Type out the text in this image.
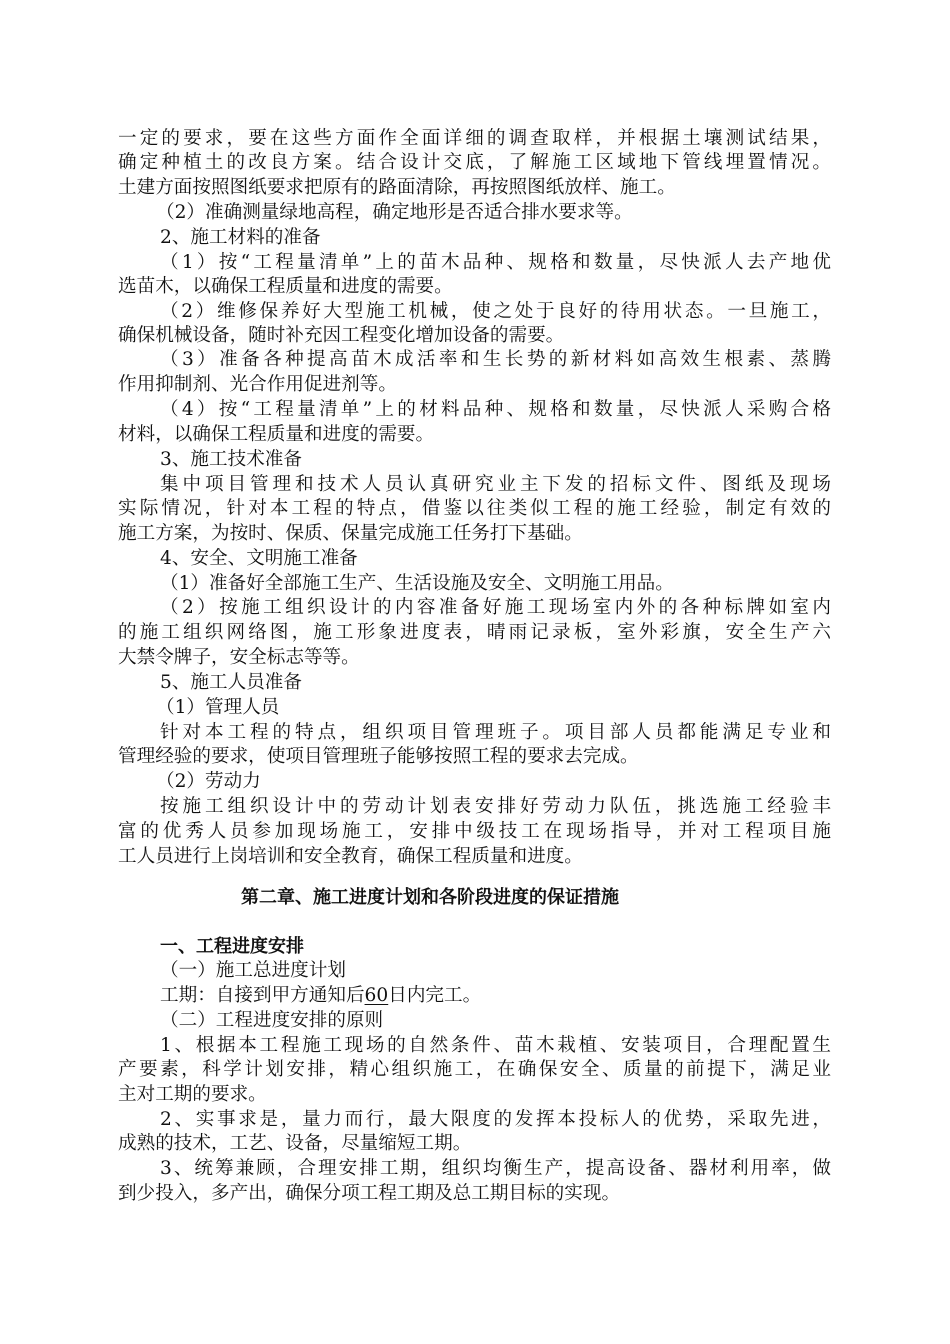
一定的要求，要在这些方面作全面详细的调查取样，并根据土壤测试结果，

确定种植土的改良方案。结合设计交底，了解施工区域地下管线埋置情况。

土建方面按照图纸要求把原有的路面清除，再按照图纸放样、施工。

（2）准确测量绿地高程，确定地形是否适合排水要求等。

2、施工材料的准备

（1）按“工程量清单”上的苗木品种、规格和数量，尽快派人去产地优

选苗木，以确保工程质量和进度的需要。

（2）维修保养好大型施工机械，使之处于良好的待用状态。一旦施工，

确保机械设备，随时补充因工程变化增加设备的需要。

（3）准备各种提高苗木成活率和生长势的新材料如高效生根素、蒸腾

作用抑制剂、光合作用促进剂等。

（4）按“工程量清单”上的材料品种、规格和数量，尽快派人采购合格

材料，以确保工程质量和进度的需要。

3、施工技术准备

集中项目管理和技术人员认真研究业主下发的招标文件、图纸及现场

实际情况，针对本工程的特点，借鉴以往类似工程的施工经验，制定有效的

施工方案，为按时、保质、保量完成施工任务打下基础。

4、安全、文明施工准备

（1）准备好全部施工生产、生活设施及安全、文明施工用品。

（2）按施工组织设计的内容准备好施工现场室内外的各种标牌如室内

的施工组织网络图，施工形象进度表，晴雨记录板，室外彩旗，安全生产六

大禁令牌子，安全标志等等。

5、施工人员准备

（1）管理人员

针对本工程的特点，组织项目管理班子。项目部人员都能满足专业和

管理经验的要求，使项目管理班子能够按照工程的要求去完成。

（2）劳动力

按施工组织设计中的劳动计划表安排好劳动力队伍，挑选施工经验丰

富的优秀人员参加现场施工，安排中级技工在现场指导，并对工程项目施

工人员进行上岗培训和安全教育，确保工程质量和进度。

第二章、施工进度计划和各阶段进度的保证措施

一、工程进度安排

（一）施工总进度计划

工期：自接到甲方通知后60日内完工。

（二）工程进度安排的原则

1、根据本工程施工现场的自然条件、苗木栽植、安装项目，合理配置生

产要素，科学计划安排，精心组织施工，在确保安全、质量的前提下，满足业

主对工期的要求。

2、实事求是，量力而行，最大限度的发挥本投标人的优势，采取先进，

成熟的技术，工艺、设备，尽量缩短工期。

3、统筹兼顾，合理安排工期，组织均衡生产，提高设备、器材利用率，做

到少投入，多产出，确保分项工程工期及总工期目标的实现。
